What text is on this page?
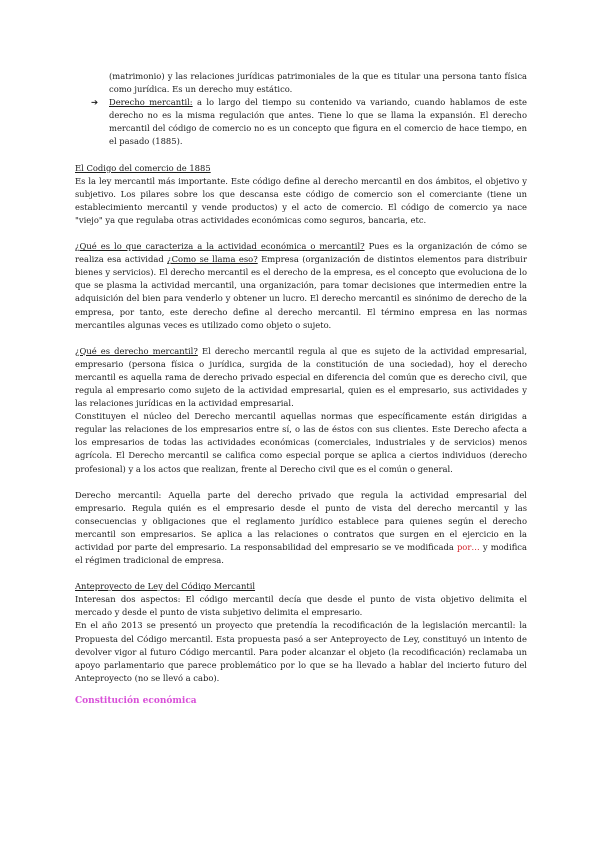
(matrimonio) y las relaciones jurídicas patrimoniales de la que es titular una persona tanto física como jurídica. Es un derecho muy estático.

➔ Derecho mercantil: a lo largo del tiempo su contenido va variando, cuando hablamos de este derecho no es la misma regulación que antes. Tiene lo que se llama la expansión. El derecho mercantil del código de comercio no es un concepto que figura en el comercio de hace tiempo, en el pasado (1885).

El Codigo del comercio de 1885

Es la ley mercantil más importante. Este código define al derecho mercantil en dos ámbitos, el objetivo y subjetivo. Los pilares sobre los que descansa este código de comercio son el comerciante (tiene un establecimiento mercantil y vende productos) y el acto de comercio. El código de comercio ya nace "viejo" ya que regulaba otras actividades económicas como seguros, bancaria, etc.

¿Qué es lo que caracteriza a la actividad económica o mercantil? Pues es la organización de cómo se realiza esa actividad ¿Como se llama eso? Empresa (organización de distintos elementos para distribuir bienes y servicios). El derecho mercantil es el derecho de la empresa, es el concepto que evoluciona de lo que se plasma la actividad mercantil, una organización, para tomar decisiones que intermedien entre la adquisición del bien para venderlo y obtener un lucro. El derecho mercantil es sinónimo de derecho de la empresa, por tanto, este derecho define al derecho mercantil. El término empresa en las normas mercantiles algunas veces es utilizado como objeto o sujeto.

¿Qué es derecho mercantil? El derecho mercantil regula al que es sujeto de la actividad empresarial, empresario (persona física o jurídica, surgida de la constitución de una sociedad), hoy el derecho mercantil es aquella rama de derecho privado especial en diferencia del común que es derecho civil, que regula al empresario como sujeto de la actividad empresarial, quien es el empresario, sus actividades y las relaciones jurídicas en la actividad empresarial.

Constituyen el núcleo del Derecho mercantil aquellas normas que específicamente están dirigidas a regular las relaciones de los empresarios entre sí, o las de éstos con sus clientes. Este Derecho afecta a los empresarios de todas las actividades económicas (comerciales, industriales y de servicios) menos agrícola. El Derecho mercantil se califica como especial porque se aplica a ciertos individuos (derecho profesional) y a los actos que realizan, frente al Derecho civil que es el común o general.

Derecho mercantil: Aquella parte del derecho privado que regula la actividad empresarial del empresario. Regula quién es el empresario desde el punto de vista del derecho mercantil y las consecuencias y obligaciones que el reglamento jurídico establece para quienes según el derecho mercantil son empresarios. Se aplica a las relaciones o contratos que surgen en el ejercicio en la actividad por parte del empresario. La responsabilidad del empresario se ve modificada por… y modifica el régimen tradicional de empresa.

Anteproyecto de Ley del Código Mercantil

Interesan dos aspectos: El código mercantil decía que desde el punto de vista objetivo delimita el mercado y desde el punto de vista subjetivo delimita el empresario.

En el año 2013 se presentó un proyecto que pretendía la recodificación de la legislación mercantil: la Propuesta del Código mercantil. Esta propuesta pasó a ser Anteproyecto de Ley, constituyó un intento de devolver vigor al futuro Código mercantil. Para poder alcanzar el objeto (la recodificación) reclamaba un apoyo parlamentario que parece problemático por lo que se ha llevado a hablar del incierto futuro del Anteproyecto (no se llevó a cabo).

Constitución económica
